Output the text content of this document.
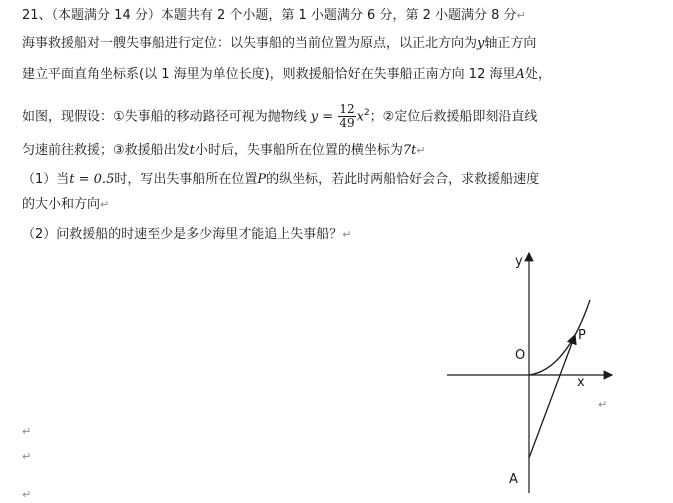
21、（本题满分 14 分）本题共有 2 个小题，第 1 小题满分 6 分，第 2 小题满分 8 分↵
海事救援船对一艘失事船进行定位：以失事船的当前位置为原点，以正北方向为y轴正方向
建立平面直角坐标系(以 1 海里为单位长度)，则救援船恰好在失事船正南方向 12 海里A处，
如图，现假设：①失事船的移动路径可视为抛物线 $y = \frac{12}{49} x^2$；②定位后救援船即刻沿直线
匀速前往救援；③救援船出发t小时后，失事船所在位置的横坐标为7t↵
（1）当t = 0.5时，写出失事船所在位置P的纵坐标，若此时两船恰好会合，求救援船速度
的大小和方向↵
（2）问救援船的时速至少是多少海里才能追上失事船？↵
↵
↵
↵
↵
y
x
O
P
A
